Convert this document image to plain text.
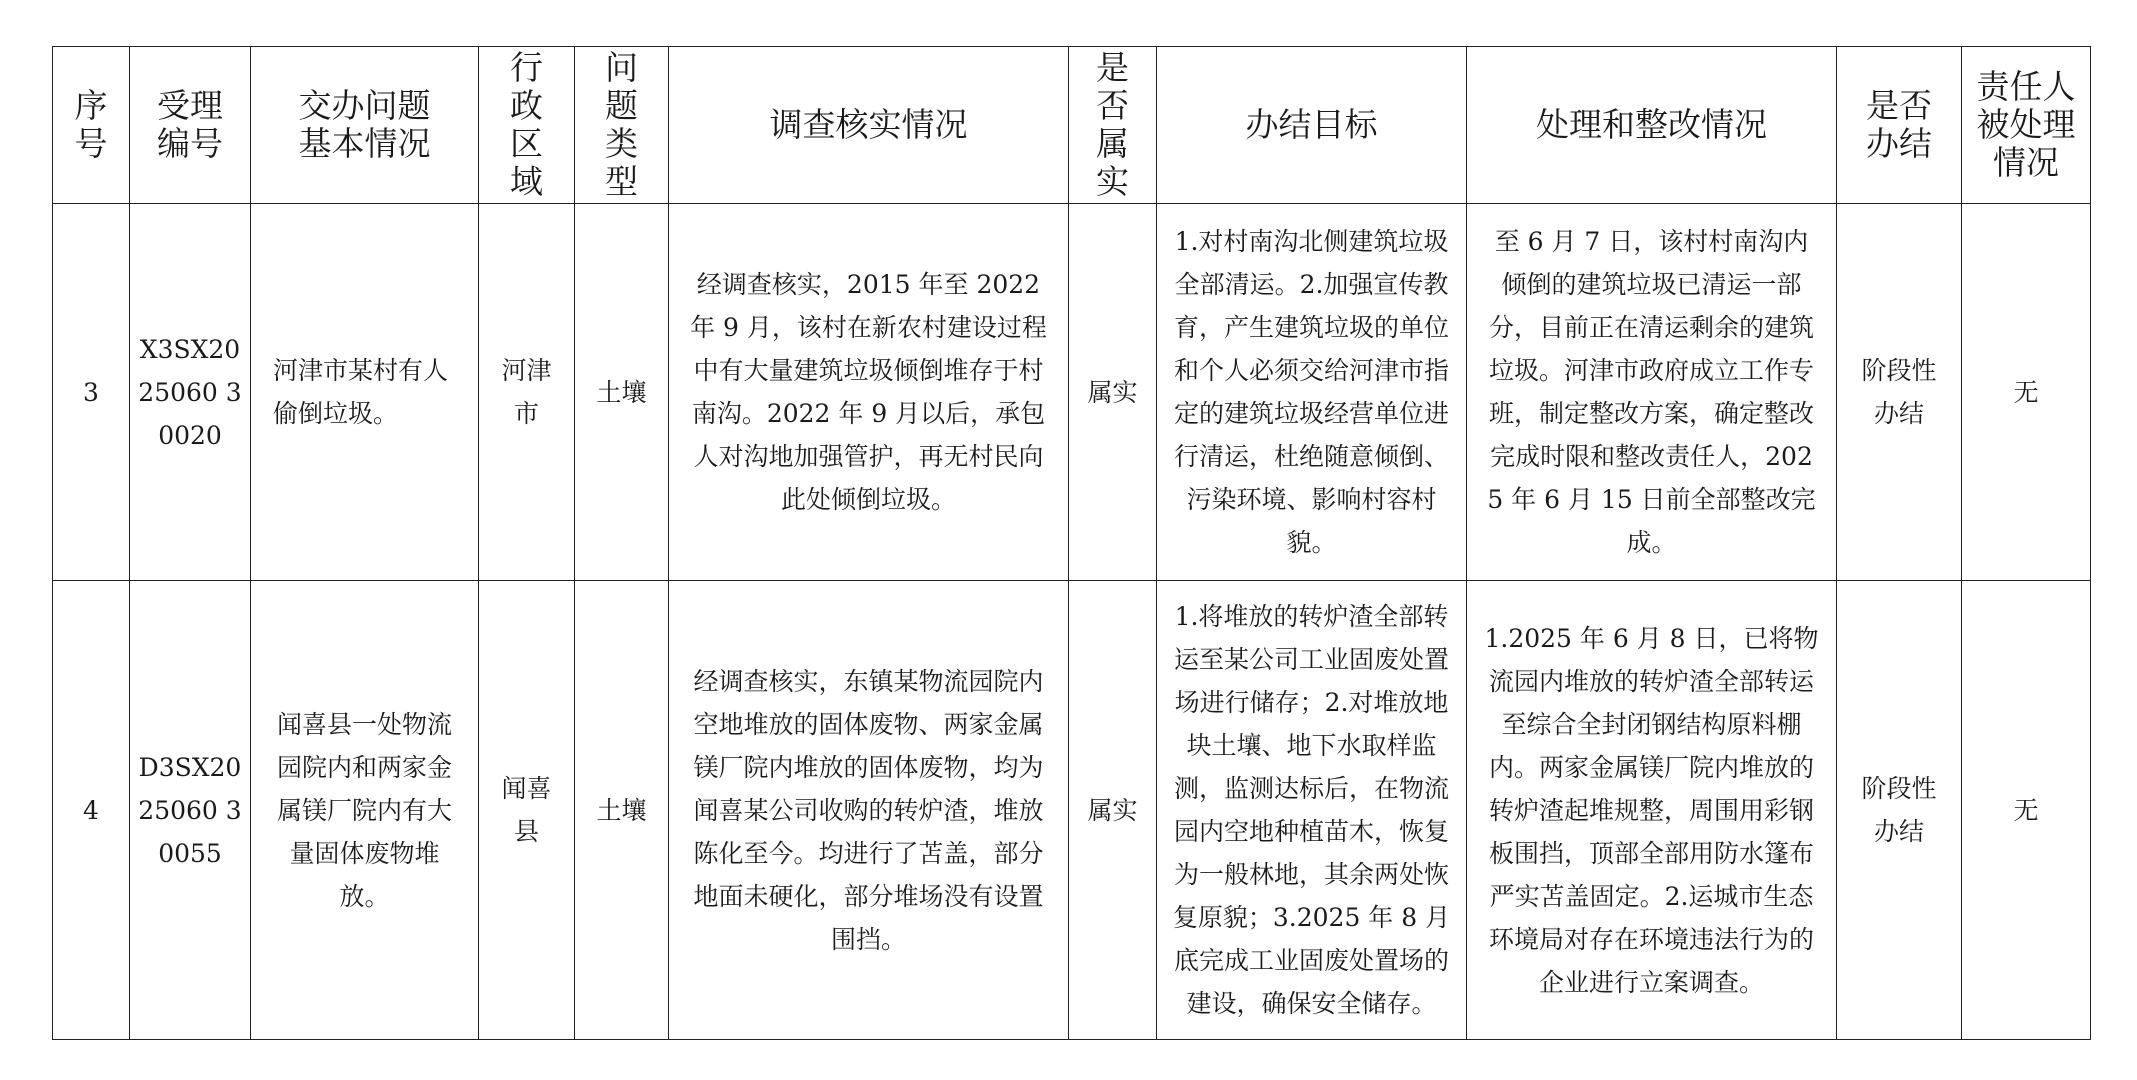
序号	受理编号	交办问题基本情况	行政区域	问题类型	调查核实情况	是否属实	办结目标	处理和整改情况	是否办结	责任人被处理情况
3	X3SX2025060 30020	河津市某村有人偷倒垃圾。	河津市	土壤	经调查核实，2015 年至 2022 年 9 月，该村在新农村建设过程中有大量建筑垃圾倾倒堆存于村南沟。2022 年 9 月以后，承包人对沟地加强管护，再无村民向此处倾倒垃圾。	属实	1.对村南沟北侧建筑垃圾全部清运。2.加强宣传教育，产生建筑垃圾的单位和个人必须交给河津市指定的建筑垃圾经营单位进行清运，杜绝随意倾倒、污染环境、影响村容村貌。	至 6 月 7 日，该村村南沟内倾倒的建筑垃圾已清运一部分，目前正在清运剩余的建筑垃圾。河津市政府成立工作专班，制定整改方案，确定整改完成时限和整改责任人，2025 年 6 月 15 日前全部整改完成。	阶段性办结	无
4	D3SX2025060 30055	闻喜县一处物流园院内和两家金属镁厂院内有大量固体废物堆放。	闻喜县	土壤	经调查核实，东镇某物流园院内空地堆放的固体废物、两家金属镁厂院内堆放的固体废物，均为闻喜某公司收购的转炉渣，堆放陈化至今。均进行了苫盖，部分地面未硬化，部分堆场没有设置围挡。	属实	1.将堆放的转炉渣全部转运至某公司工业固废处置场进行储存；2.对堆放地块土壤、地下水取样监测，监测达标后，在物流园内空地种植苗木，恢复为一般林地，其余两处恢复原貌；3.2025 年 8 月底完成工业固废处置场的建设，确保安全储存。	1.2025 年 6 月 8 日，已将物流园内堆放的转炉渣全部转运至综合全封闭钢结构原料棚内。两家金属镁厂院内堆放的转炉渣起堆规整，周围用彩钢板围挡，顶部全部用防水篷布严实苫盖固定。2.运城市生态环境局对存在环境违法行为的企业进行立案调查。	阶段性办结	无
